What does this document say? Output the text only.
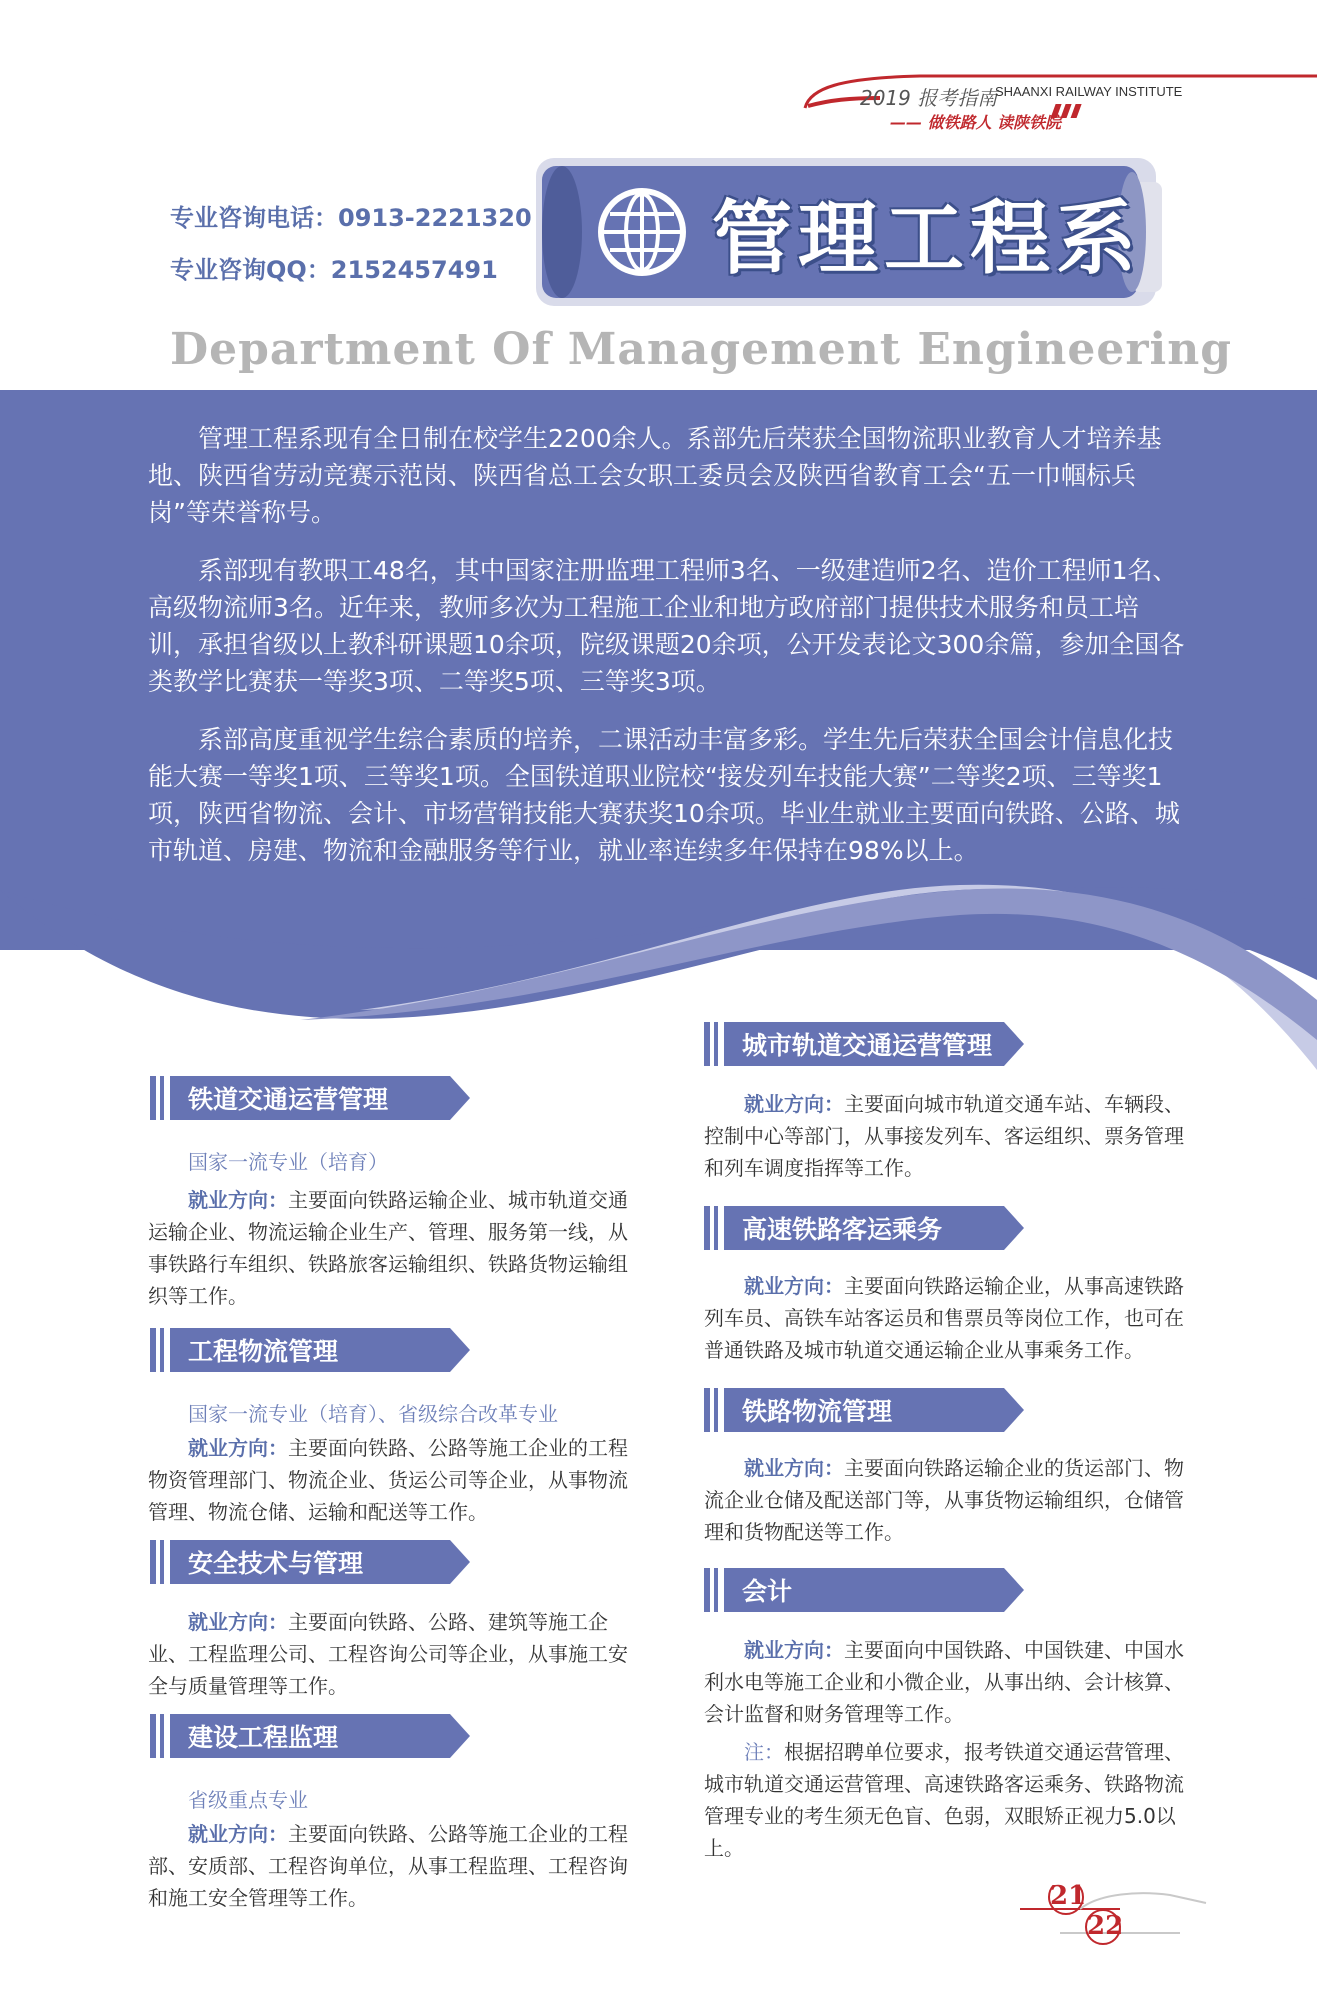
2019 报考指南
SHAANXI RAILWAY INSTITUTE
—— 做铁路人 读陕铁院
专业咨询电话：0913-2221320
专业咨询QQ：2152457491	管理工程系
Department Of Management Engineering

管理工程系现有全日制在校学生2200余人。系部先后荣获全国物流职业教育人才培养基地、陕西省劳动竞赛示范岗、陕西省总工会女职工委员会及陕西省教育工会“五一巾帼标兵岗”等荣誉称号。

系部现有教职工48名，其中国家注册监理工程师3名、一级建造师2名、造价工程师1名、高级物流师3名。近年来，教师多次为工程施工企业和地方政府部门提供技术服务和员工培训，承担省级以上教科研课题10余项，院级课题20余项，公开发表论文300余篇，参加全国各类教学比赛获一等奖3项、二等奖5项、三等奖3项。

系部高度重视学生综合素质的培养，二课活动丰富多彩。学生先后荣获全国会计信息化技能大赛一等奖1项、三等奖1项。全国铁道职业院校“接发列车技能大赛”二等奖2项、三等奖1项，陕西省物流、会计、市场营销技能大赛获奖10余项。毕业生就业主要面向铁路、公路、城市轨道、房建、物流和金融服务等行业，就业率连续多年保持在98%以上。

铁道交通运营管理
国家一流专业（培育）
就业方向：主要面向铁路运输企业、城市轨道交通运输企业、物流运输企业生产、管理、服务第一线，从事铁路行车组织、铁路旅客运输组织、铁路货物运输组织等工作。
工程物流管理
国家一流专业（培育）、省级综合改革专业
就业方向：主要面向铁路、公路等施工企业的工程物资管理部门、物流企业、货运公司等企业，从事物流管理、物流仓储、运输和配送等工作。
安全技术与管理
就业方向：主要面向铁路、公路、建筑等施工企业、工程监理公司、工程咨询公司等企业，从事施工安全与质量管理等工作。
建设工程监理
省级重点专业
就业方向：主要面向铁路、公路等施工企业的工程部、安质部、工程咨询单位，从事工程监理、工程咨询和施工安全管理等工作。
城市轨道交通运营管理
就业方向：主要面向城市轨道交通车站、车辆段、控制中心等部门，从事接发列车、客运组织、票务管理和列车调度指挥等工作。
高速铁路客运乘务
就业方向：主要面向铁路运输企业，从事高速铁路列车员、高铁车站客运员和售票员等岗位工作，也可在普通铁路及城市轨道交通运输企业从事乘务工作。
铁路物流管理
就业方向：主要面向铁路运输企业的货运部门、物流企业仓储及配送部门等，从事货物运输组织，仓储管理和货物配送等工作。
会计
就业方向：主要面向中国铁路、中国铁建、中国水利水电等施工企业和小微企业，从事出纳、会计核算、会计监督和财务管理等工作。
注：根据招聘单位要求，报考铁道交通运营管理、城市轨道交通运营管理、高速铁路客运乘务、铁路物流管理专业的考生须无色盲、色弱，双眼矫正视力5.0以上。
21
22
